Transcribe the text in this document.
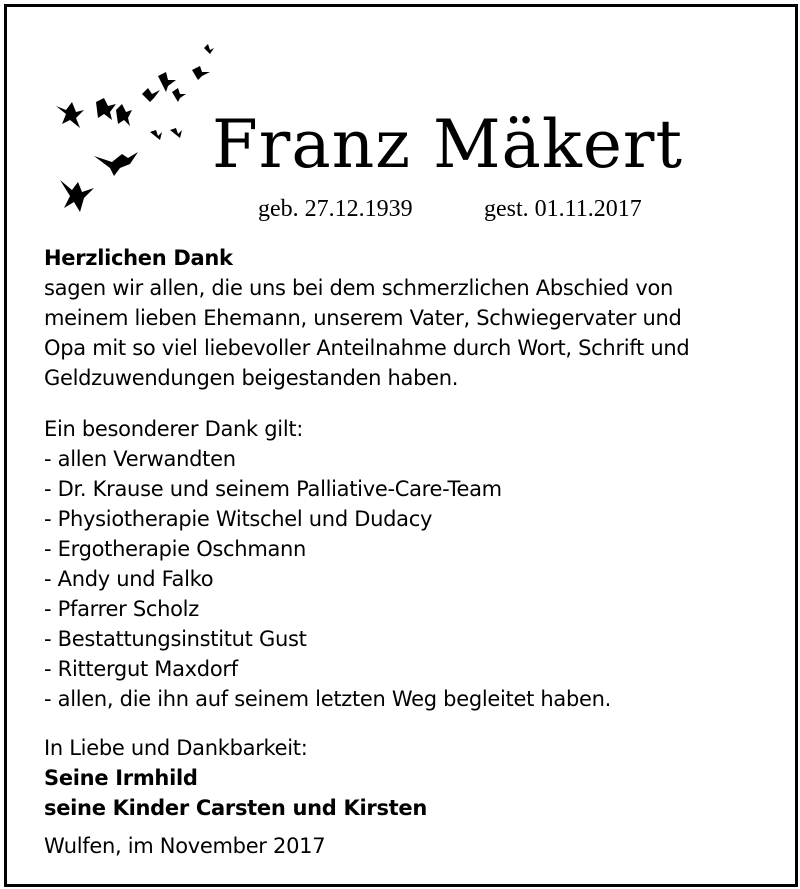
Franz Mäkert
geb. 27.12.1939	gest. 01.11.2017
Herzlichen Dank
sagen wir allen, die uns bei dem schmerzlichen Abschied von
meinem lieben Ehemann, unserem Vater, Schwiegervater und
Opa mit so viel liebevoller Anteilnahme durch Wort, Schrift und
Geldzuwendungen beigestanden haben.
Ein besonderer Dank gilt:
- allen Verwandten
- Dr. Krause und seinem Palliative-Care-Team
- Physiotherapie Witschel und Dudacy
- Ergotherapie Oschmann
- Andy und Falko
- Pfarrer Scholz
- Bestattungsinstitut Gust
- Rittergut Maxdorf
- allen, die ihn auf seinem letzten Weg begleitet haben.
In Liebe und Dankbarkeit:
Seine Irmhild
seine Kinder Carsten und Kirsten
Wulfen, im November 2017
